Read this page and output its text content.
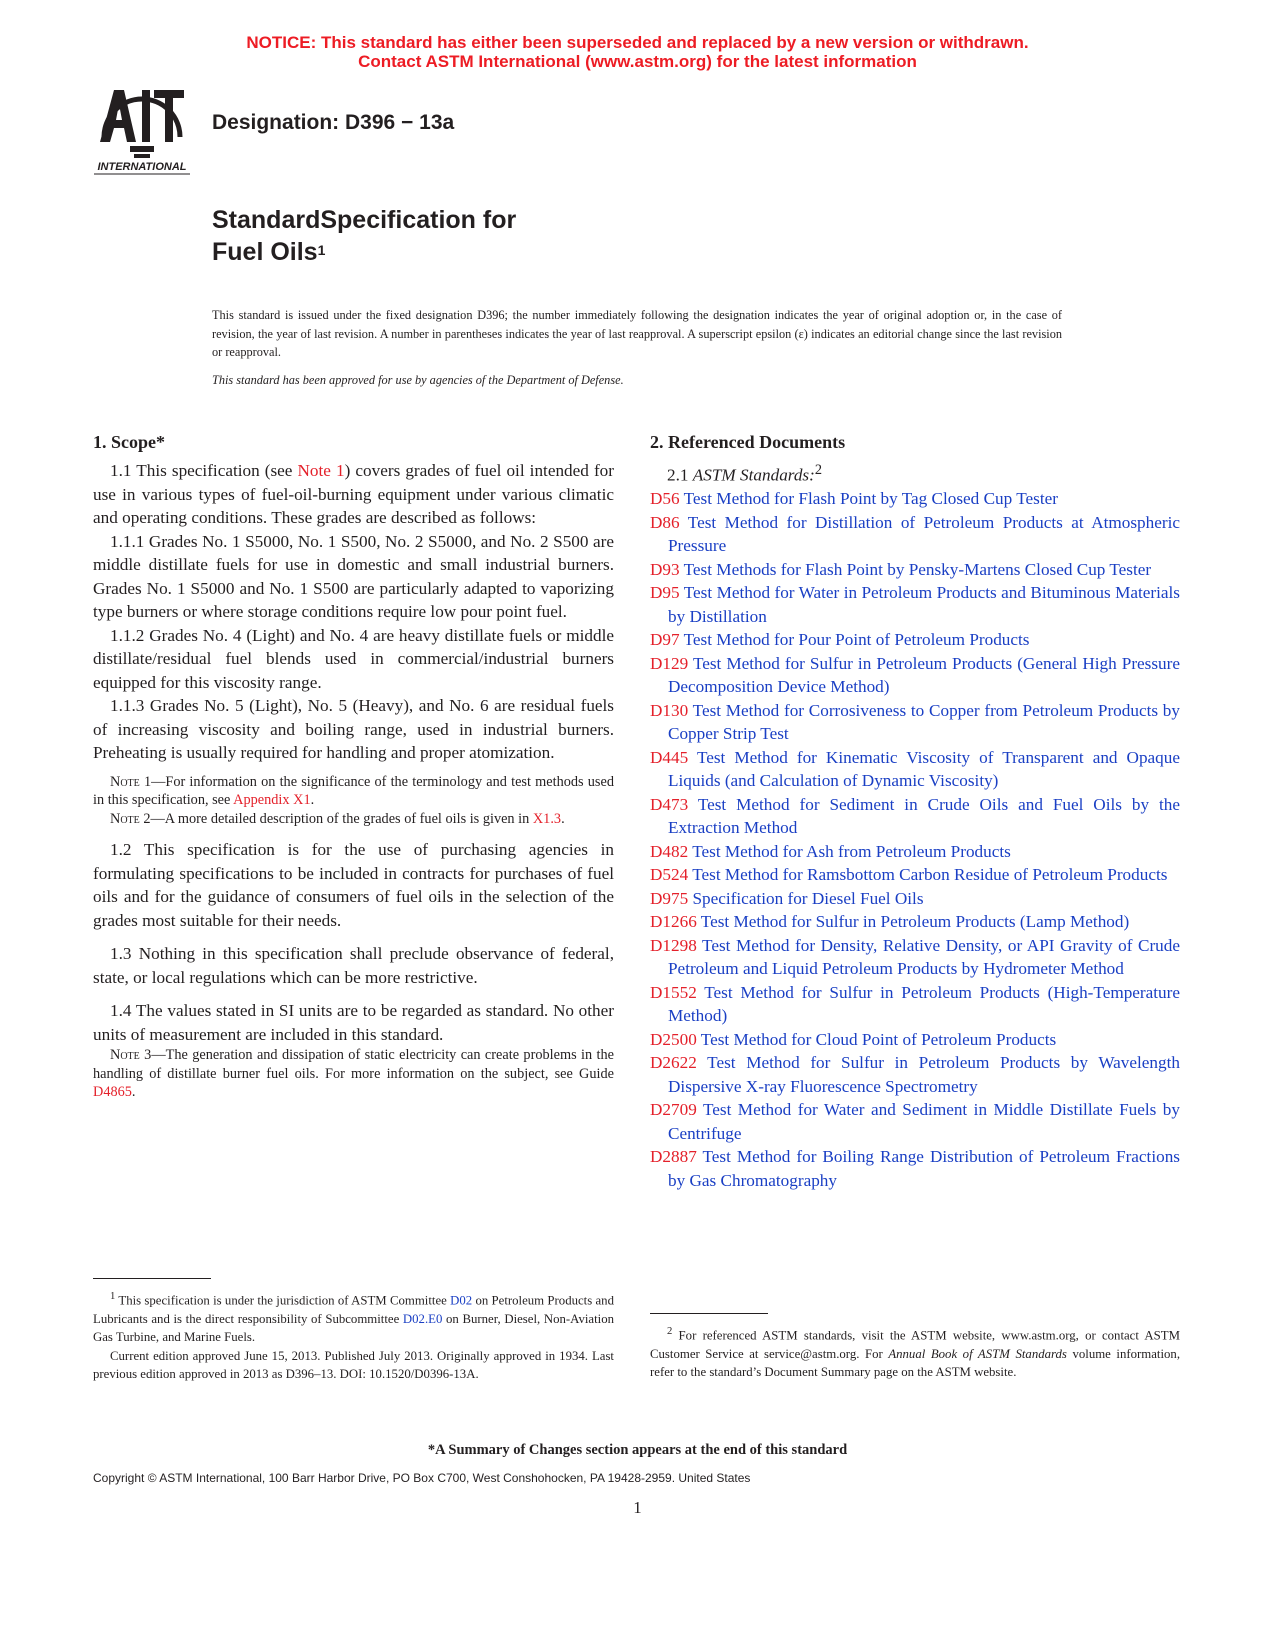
NOTICE: This standard has either been superseded and replaced by a new version or withdrawn.
Contact ASTM International (www.astm.org) for the latest information
INTERNATIONAL
Designation: D396 − 13a
StandardSpecification for
Fuel Oils$^1$
This standard is issued under the fixed designation D396; the number immediately following the designation indicates the year of original adoption or, in the case of revision, the year of last revision. A number in parentheses indicates the year of last reapproval. A superscript epsilon (ε) indicates an editorial change since the last revision or reapproval.
This standard has been approved for use by agencies of the Department of Defense.
1. Scope*

1.1 This specification (see Note 1) covers grades of fuel oil intended for use in various types of fuel-oil-burning equipment under various climatic and operating conditions. These grades are described as follows:

1.1.1 Grades No. 1 S5000, No. 1 S500, No. 2 S5000, and No. 2 S500 are middle distillate fuels for use in domestic and small industrial burners. Grades No. 1 S5000 and No. 1 S500 are particularly adapted to vaporizing type burners or where storage conditions require low pour point fuel.

1.1.2 Grades No. 4 (Light) and No. 4 are heavy distillate fuels or middle distillate/residual fuel blends used in commercial/industrial burners equipped for this viscosity range.

1.1.3 Grades No. 5 (Light), No. 5 (Heavy), and No. 6 are residual fuels of increasing viscosity and boiling range, used in industrial burners. Preheating is usually required for handling and proper atomization.

Note 1—For information on the significance of the terminology and test methods used in this specification, see Appendix X1.

Note 2—A more detailed description of the grades of fuel oils is given in X1.3.

1.2 This specification is for the use of purchasing agencies in formulating specifications to be included in contracts for purchases of fuel oils and for the guidance of consumers of fuel oils in the selection of the grades most suitable for their needs.

1.3 Nothing in this specification shall preclude observance of federal, state, or local regulations which can be more restrictive.

1.4 The values stated in SI units are to be regarded as standard. No other units of measurement are included in this standard.

Note 3—The generation and dissipation of static electricity can create problems in the handling of distillate burner fuel oils. For more information on the subject, see Guide D4865.

2. Referenced Documents

2.1 ASTM Standards:$^2$

D56 Test Method for Flash Point by Tag Closed Cup Tester

D86 Test Method for Distillation of Petroleum Products at Atmospheric Pressure

D93 Test Methods for Flash Point by Pensky-Martens Closed Cup Tester

D95 Test Method for Water in Petroleum Products and Bituminous Materials by Distillation

D97 Test Method for Pour Point of Petroleum Products

D129 Test Method for Sulfur in Petroleum Products (General High Pressure Decomposition Device Method)

D130 Test Method for Corrosiveness to Copper from Petroleum Products by Copper Strip Test

D445 Test Method for Kinematic Viscosity of Transparent and Opaque Liquids (and Calculation of Dynamic Viscosity)

D473 Test Method for Sediment in Crude Oils and Fuel Oils by the Extraction Method

D482 Test Method for Ash from Petroleum Products

D524 Test Method for Ramsbottom Carbon Residue of Petroleum Products

D975 Specification for Diesel Fuel Oils

D1266 Test Method for Sulfur in Petroleum Products (Lamp Method)

D1298 Test Method for Density, Relative Density, or API Gravity of Crude Petroleum and Liquid Petroleum Products by Hydrometer Method

D1552 Test Method for Sulfur in Petroleum Products (High-Temperature Method)

D2500 Test Method for Cloud Point of Petroleum Products

D2622 Test Method for Sulfur in Petroleum Products by Wavelength Dispersive X-ray Fluorescence Spectrometry

D2709 Test Method for Water and Sediment in Middle Distillate Fuels by Centrifuge

D2887 Test Method for Boiling Range Distribution of Petroleum Fractions by Gas Chromatography

$^1$ This specification is under the jurisdiction of ASTM Committee D02 on Petroleum Products and Lubricants and is the direct responsibility of Subcommittee D02.E0 on Burner, Diesel, Non-Aviation Gas Turbine, and Marine Fuels.

Current edition approved June 15, 2013. Published July 2013. Originally approved in 1934. Last previous edition approved in 2013 as D396–13. DOI: 10.1520/D0396-13A.

$^2$ For referenced ASTM standards, visit the ASTM website, www.astm.org, or contact ASTM Customer Service at service@astm.org. For Annual Book of ASTM Standards volume information, refer to the standard’s Document Summary page on the ASTM website.

*A Summary of Changes section appears at the end of this standard
Copyright © ASTM International, 100 Barr Harbor Drive, PO Box C700, West Conshohocken, PA 19428-2959. United States
1
